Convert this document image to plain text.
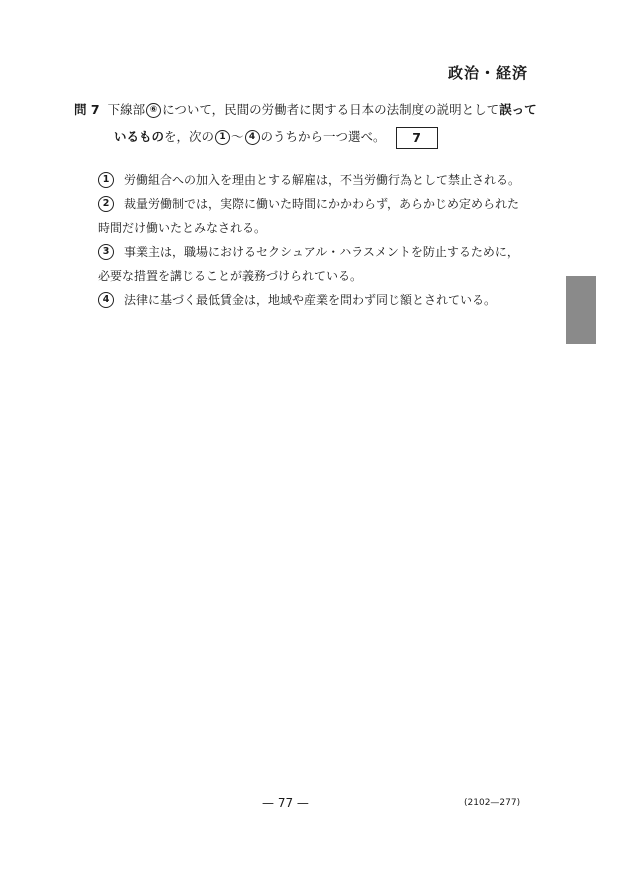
政治・経済
問 7 下線部 ⑥ について，民間の労働者に関する日本の法制度の説明として誤って
いるものを，次の 1 ～ 4 のうちから一つ選べ。 7
1	労働組合への加入を理由とする解雇は，不当労働行為として禁止される。
2	裁量労働制では，実際に働いた時間にかかわらず，あらかじめ定められた
時間だけ働いたとみなされる。
3	事業主は，職場におけるセクシュアル・ハラスメントを防止するために，
必要な措置を講じることが義務づけられている。
4	法律に基づく最低賃金は，地域や産業を問わず同じ額とされている。
— 77 —	(2102—277)
